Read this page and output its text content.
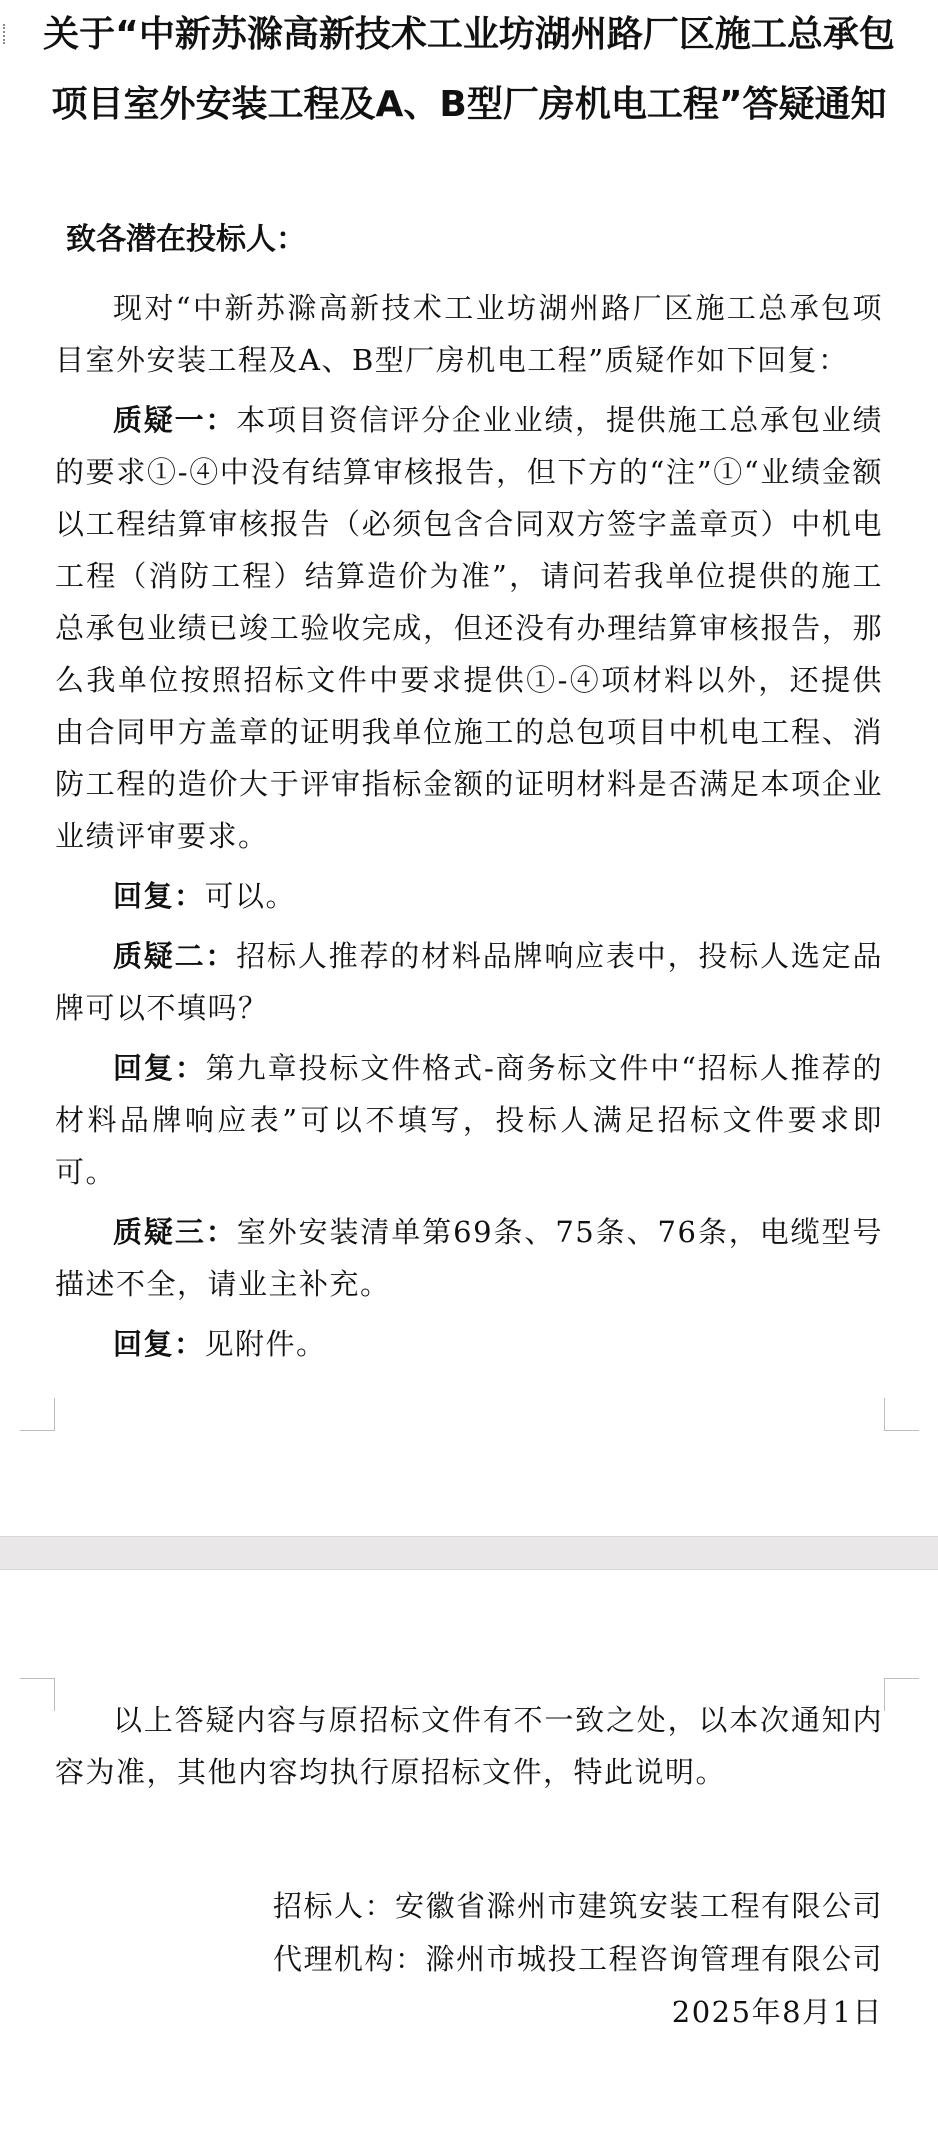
关于“中新苏滁高新技术工业坊湖州路厂区施工总承包项目室外安装工程及A、B型厂房机电工程”答疑通知
致各潜在投标人：

现对“中新苏滁高新技术工业坊湖州路厂区施工总承包项目室外安装工程及A、B型厂房机电工程”质疑作如下回复：

质疑一：本项目资信评分企业业绩，提供施工总承包业绩的要求①-④中没有结算审核报告，但下方的“注”①“业绩金额以工程结算审核报告（必须包含合同双方签字盖章页）中机电工程（消防工程）结算造价为准”，请问若我单位提供的施工总承包业绩已竣工验收完成，但还没有办理结算审核报告，那么我单位按照招标文件中要求提供①-④项材料以外，还提供由合同甲方盖章的证明我单位施工的总包项目中机电工程、消防工程的造价大于评审指标金额的证明材料是否满足本项企业业绩评审要求。

回复：可以。

质疑二：招标人推荐的材料品牌响应表中，投标人选定品牌可以不填吗？

回复：第九章投标文件格式-商务标文件中“招标人推荐的材料品牌响应表”可以不填写，投标人满足招标文件要求即可。

质疑三：室外安装清单第69条、75条、76条，电缆型号描述不全，请业主补充。

回复：见附件。

以上答疑内容与原招标文件有不一致之处，以本次通知内容为准，其他内容均执行原招标文件，特此说明。

招标人：安徽省滁州市建筑安装工程有限公司
代理机构：滁州市城投工程咨询管理有限公司
2025年8月1日
